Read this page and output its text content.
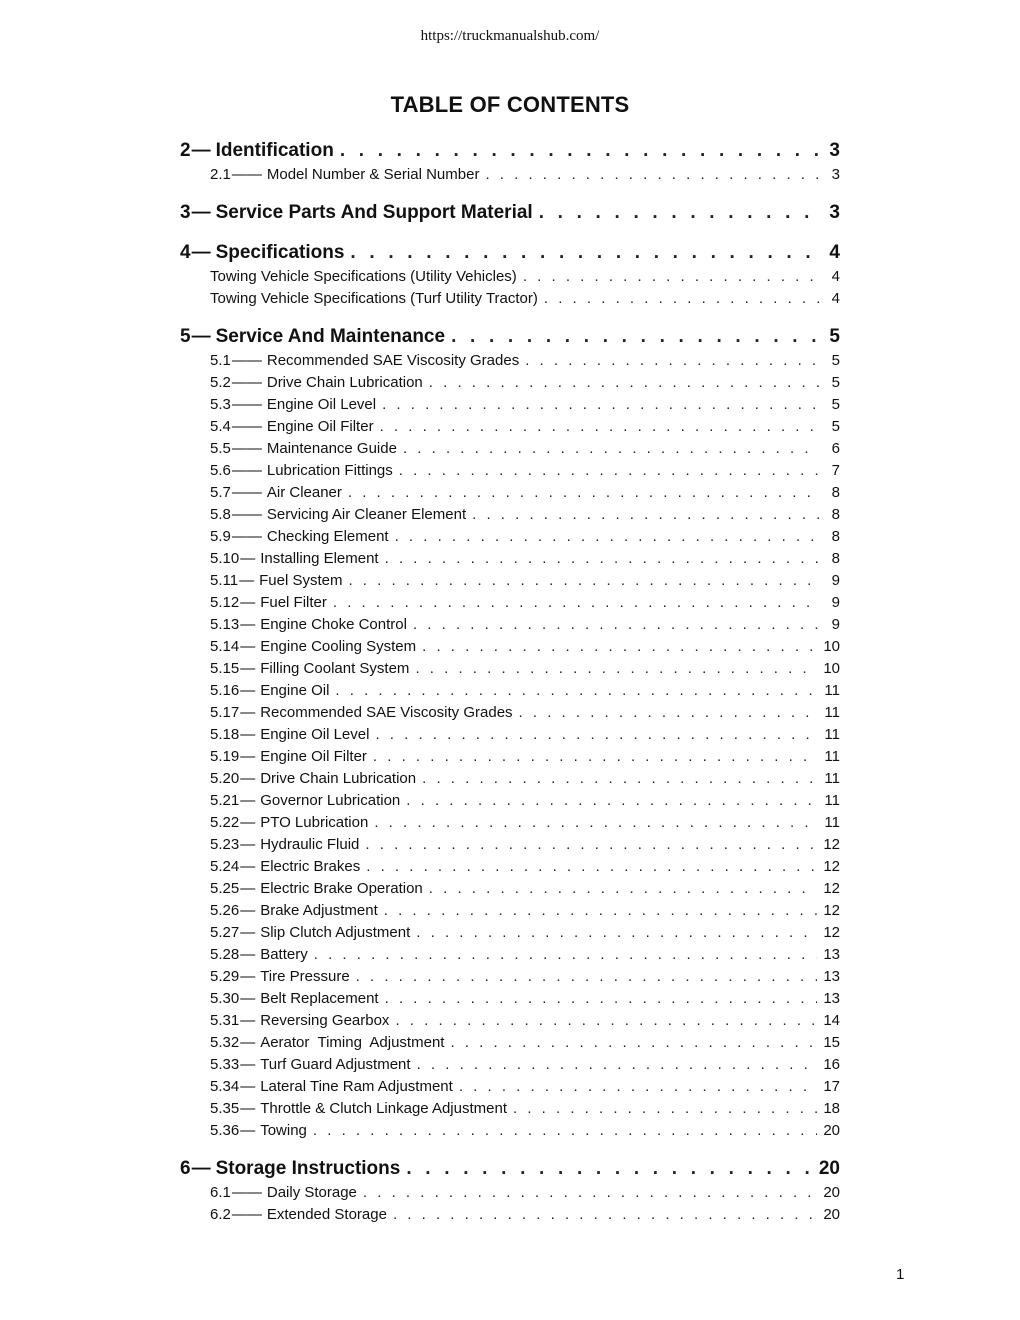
https://truckmanualshub.com/
TABLE OF CONTENTS
2 — Identification . . .	3
2.1 —— Model Number & Serial Number . . .	3
3 — Service Parts And Support Material . . .	3
4 — Specifications . . .	4
Towing Vehicle Specifications (Utility Vehicles) . . .	4
Towing Vehicle Specifications (Turf Utility Tractor) . . .	4
5 — Service And Maintenance . . .	5
5.1 —— Recommended SAE Viscosity Grades . . .	5
5.2 —— Drive Chain Lubrication . . .	5
5.3 —— Engine Oil Level . . .	5
5.4 —— Engine Oil Filter . . .	5
5.5 —— Maintenance Guide . . .	6
5.6 —— Lubrication Fittings . . .	7
5.7 —— Air Cleaner . . .	8
5.8 —— Servicing Air Cleaner Element . . .	8
5.9 —— Checking Element . . .	8
5.10 — Installing Element . . .	8
5.11 — Fuel System . . .	9
5.12 — Fuel Filter . . .	9
5.13 — Engine Choke Control . . .	9
5.14 — Engine Cooling System . . .	10
5.15 — Filling Coolant System . . .	10
5.16 — Engine Oil . . .	11
5.17 — Recommended SAE Viscosity Grades . . .	11
5.18 — Engine Oil Level . . .	11
5.19 — Engine Oil Filter . . .	11
5.20 — Drive Chain Lubrication . . .	11
5.21 — Governor Lubrication . . .	11
5.22 — PTO Lubrication . . .	11
5.23 — Hydraulic Fluid . . .	12
5.24 — Electric Brakes . . .	12
5.25 — Electric Brake Operation . . .	12
5.26 — Brake Adjustment . . .	12
5.27 — Slip Clutch Adjustment . . .	12
5.28 — Battery . . .	13
5.29 — Tire Pressure . . .	13
5.30 — Belt Replacement . . .	13
5.31 — Reversing Gearbox . . .	14
5.32 — Aerator  Timing  Adjustment . . .	15
5.33 — Turf Guard Adjustment . . .	16
5.34 — Lateral Tine Ram Adjustment . . .	17
5.35 — Throttle & Clutch Linkage Adjustment . . .	18
5.36 — Towing . . .	20
6 — Storage Instructions . . .	20
6.1 —— Daily Storage . . .	20
6.2 —— Extended Storage . . .	20
1
